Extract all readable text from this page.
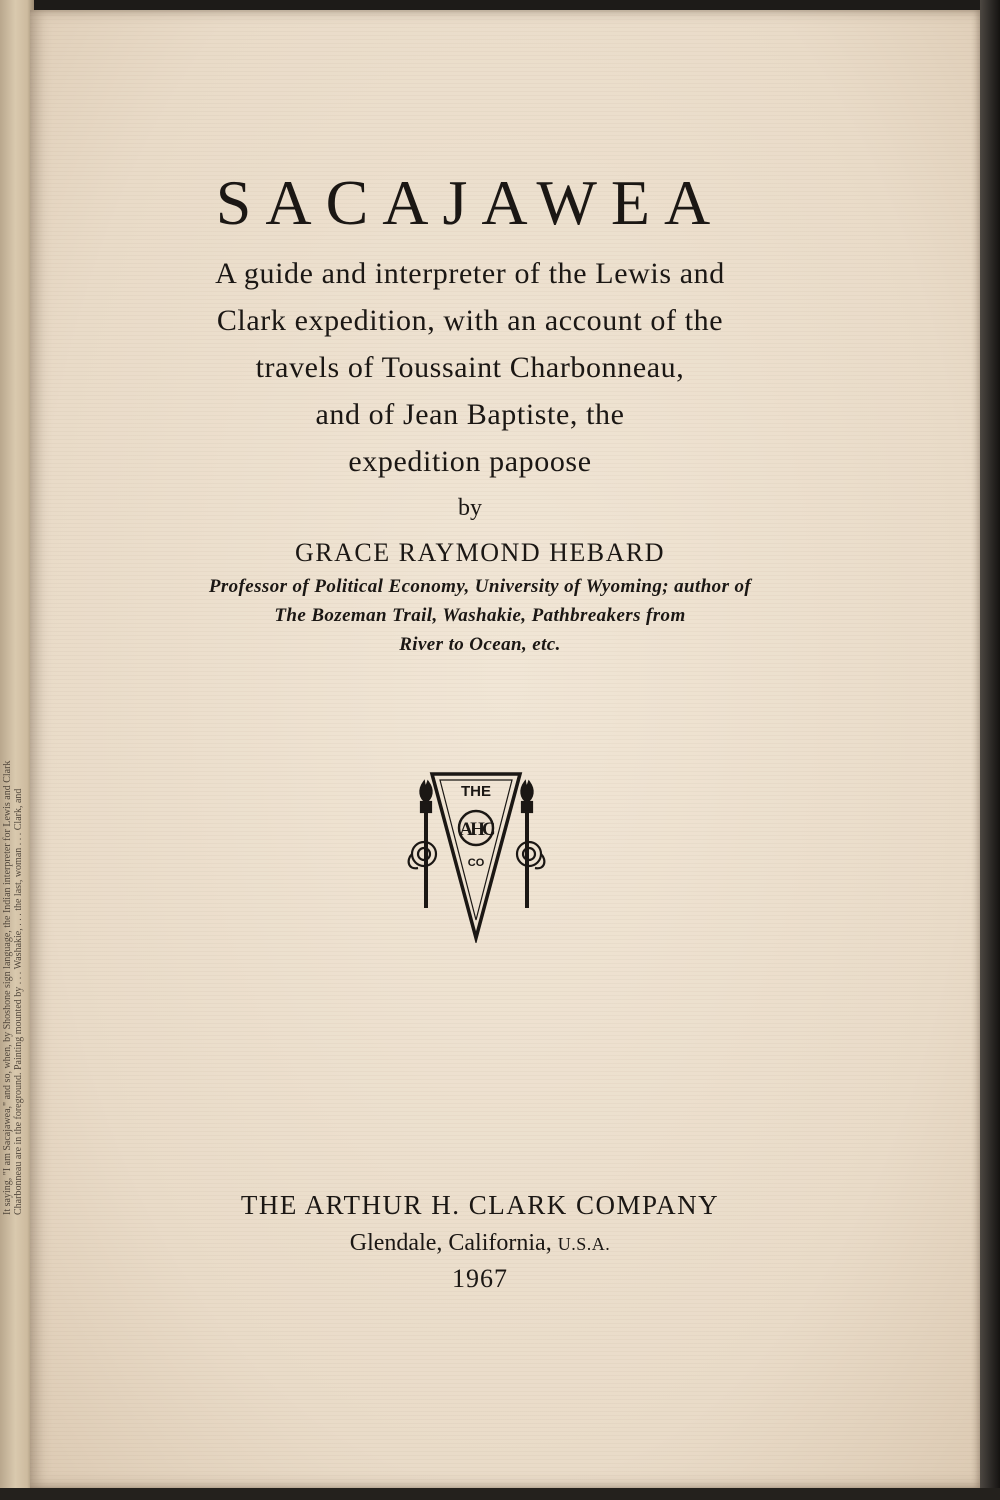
It saying, "I am Sacajawea," and so, when, by Shoshone sign language, the Indian interpreter for Lewis and Clark Charbonneau are in the foreground. Painting mounted by . . . Washakie, . . . the last, woman . . . Clark, and
SACAJAWEA
A guide and interpreter of the Lewis and
Clark expedition, with an account of the
travels of Toussaint Charbonneau,
and of Jean Baptiste, the
expedition papoose
by
GRACE RAYMOND HEBARD
Professor of Political Economy, University of Wyoming; author of
The Bozeman Trail, Washakie, Pathbreakers from
River to Ocean, etc.
THE
AHC
CO
THE ARTHUR H. CLARK COMPANY
Glendale, California, U.S.A.
1967
